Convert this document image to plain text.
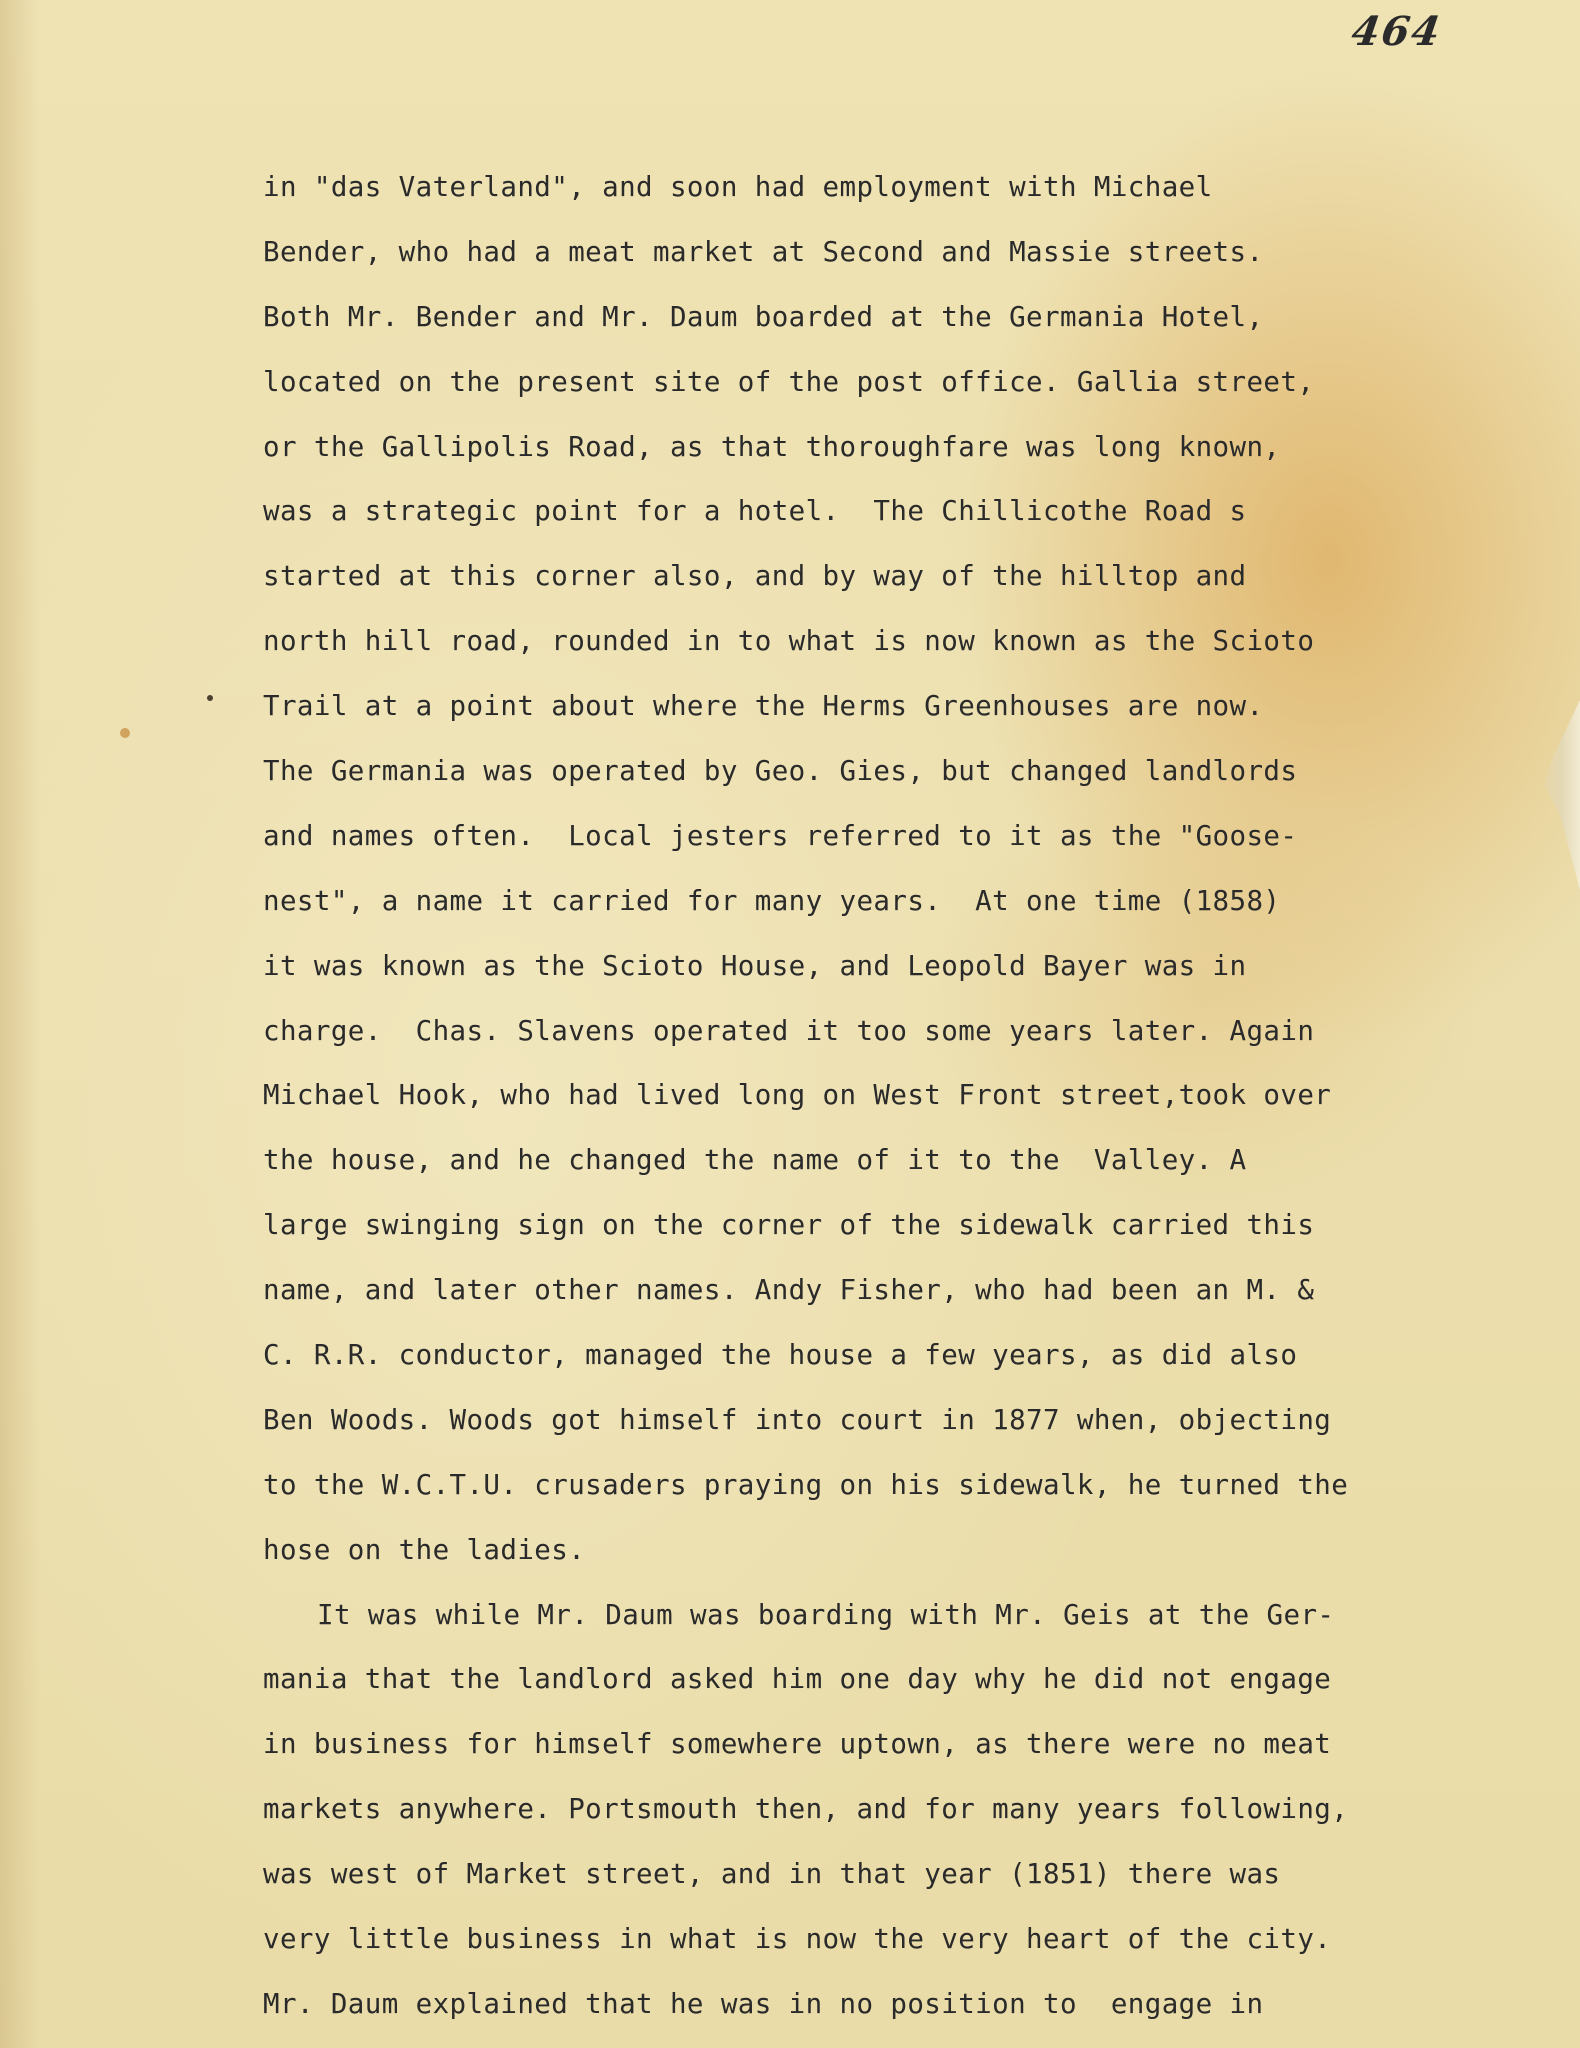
464
in "das Vaterland", and soon had employment with Michael
Bender, who had a meat market at Second and Massie streets.
Both Mr. Bender and Mr. Daum boarded at the Germania Hotel,
located on the present site of the post office. Gallia street,
or the Gallipolis Road, as that thoroughfare was long known,
was a strategic point for a hotel.  The Chillicothe Road s
started at this corner also, and by way of the hilltop and
north hill road, rounded in to what is now known as the Scioto
Trail at a point about where the Herms Greenhouses are now.
The Germania was operated by Geo. Gies, but changed landlords
and names often.  Local jesters referred to it as the "Goose-
nest", a name it carried for many years.  At one time (1858)
it was known as the Scioto House, and Leopold Bayer was in
charge.  Chas. Slavens operated it too some years later. Again
Michael Hook, who had lived long on West Front street,took over
the house, and he changed the name of it to the  Valley. A
large swinging sign on the corner of the sidewalk carried this
name, and later other names. Andy Fisher, who had been an M. &
C. R.R. conductor, managed the house a few years, as did also
Ben Woods. Woods got himself into court in 1877 when, objecting
to the W.C.T.U. crusaders praying on his sidewalk, he turned the
hose on the ladies.
It was while Mr. Daum was boarding with Mr. Geis at the Ger-
mania that the landlord asked him one day why he did not engage
in business for himself somewhere uptown, as there were no meat
markets anywhere. Portsmouth then, and for many years following,
was west of Market street, and in that year (1851) there was
very little business in what is now the very heart of the city.
Mr. Daum explained that he was in no position to  engage in
